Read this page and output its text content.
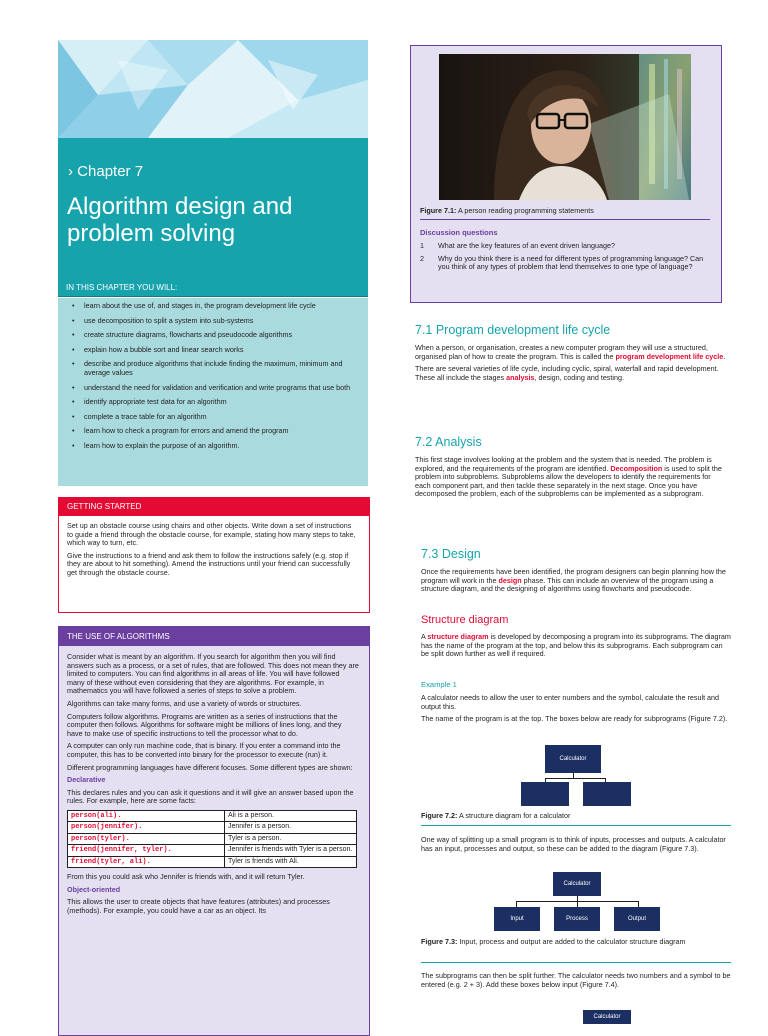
› Chapter 7
Algorithm design and
problem solving
IN THIS CHAPTER YOU WILL:
• learn about the use of, and stages in, the program development life cycle
• use decomposition to split a system into sub-systems
• create structure diagrams, flowcharts and pseudocode algorithms
• explain how a bubble sort and linear search works
• describe and produce algorithms that include finding the maximum, minimum and average values
• understand the need for validation and verification and write programs that use both
• identify appropriate test data for an algorithm
• complete a trace table for an algorithm
• learn how to check a program for errors and amend the program
• learn how to explain the purpose of an algorithm.
GETTING STARTED

Set up an obstacle course using chairs and other objects. Write down a set of instructions to guide a friend through the obstacle course, for example, stating how many steps to take, which way to turn, etc.

Give the instructions to a friend and ask them to follow the instructions safely (e.g. stop if they are about to hit something). Amend the instructions until your friend can successfully get through the obstacle course.

THE USE OF ALGORITHMS

Consider what is meant by an algorithm. If you search for algorithm then you will find answers such as a process, or a set of rules, that are followed. This does not mean they are limited to computers. You can find algorithms in all areas of life. You will have followed many of these without even considering that they are algorithms. For example, in mathematics you will have followed a series of steps to solve a problem.

Algorithms can take many forms, and use a variety of words or structures.

Computers follow algorithms. Programs are written as a series of instructions that the computer then follows. Algorithms for software might be millions of lines long, and they have to make use of specific instructions to tell the processor what to do.

A computer can only run machine code, that is binary. If you enter a command into the computer, this has to be converted into binary for the processor to execute (run) it.

Different programming languages have different focuses. Some different types are shown:

Declarative

This declares rules and you can ask it questions and it will give an answer based upon the rules. For example, here are some facts:

person(ali).	Ali is a person.
person(jennifer).	Jennifer is a person.
person(tyler).	Tyler is a person.
friend(jennifer, tyler).	Jennifer is friends with Tyler is a person.
friend(tyler, ali).	Tyler is friends with Ali.

From this you could ask who Jennifer is friends with, and it will return Tyler.

Object-oriented

This allows the user to create objects that have features (attributes) and processes (methods). For example, you could have a car as an object. Its

Figure 7.1: A person reading programming statements
Discussion questions
1	What are the key features of an event driven language?
2	Why do you think there is a need for different types of programming language? Can you think of any types of problem that lend themselves to one type of language?
7.1 Program development life cycle

When a person, or organisation, creates a new computer program they will use a structured, organised plan of how to create the program. This is called the program development life cycle.

There are several varieties of life cycle, including cyclic, spiral, waterfall and rapid development. These all include the stages analysis, design, coding and testing.

7.2 Analysis

This first stage involves looking at the problem and the system that is needed. The problem is explored, and the requirements of the program are identified. Decomposition is used to split the problem into subproblems. Subproblems allow the developers to identify the requirements for each component part, and then tackle these separately in the next stage. Once you have decomposed the problem, each of the subproblems can be implemented as a subprogram.

7.3 Design

Once the requirements have been identified, the program designers can begin planning how the program will work in the design phase. This can include an overview of the program using a structure diagram, and the designing of algorithms using flowcharts and pseudocode.

Structure diagram

A structure diagram is developed by decomposing a program into its subprograms. The diagram has the name of the program at the top, and below this its subprograms. Each subprogram can be split down further as well if required.

Example 1

A calculator needs to allow the user to enter numbers and the symbol, calculate the result and output this.

The name of the program is at the top. The boxes below are ready for subprograms (Figure 7.2).

Calculator
Figure 7.2: A structure diagram for a calculator

One way of splitting up a small program is to think of inputs, processes and outputs. A calculator has an input, processes and output, so these can be added to the diagram (Figure 7.3).

Calculator
Input	Process	Output
Figure 7.3: Input, process and output are added to the calculator structure diagram

The subprograms can then be split further. The calculator needs two numbers and a symbol to be entered (e.g. 2 + 3). Add these boxes below input (Figure 7.4).

Calculator
